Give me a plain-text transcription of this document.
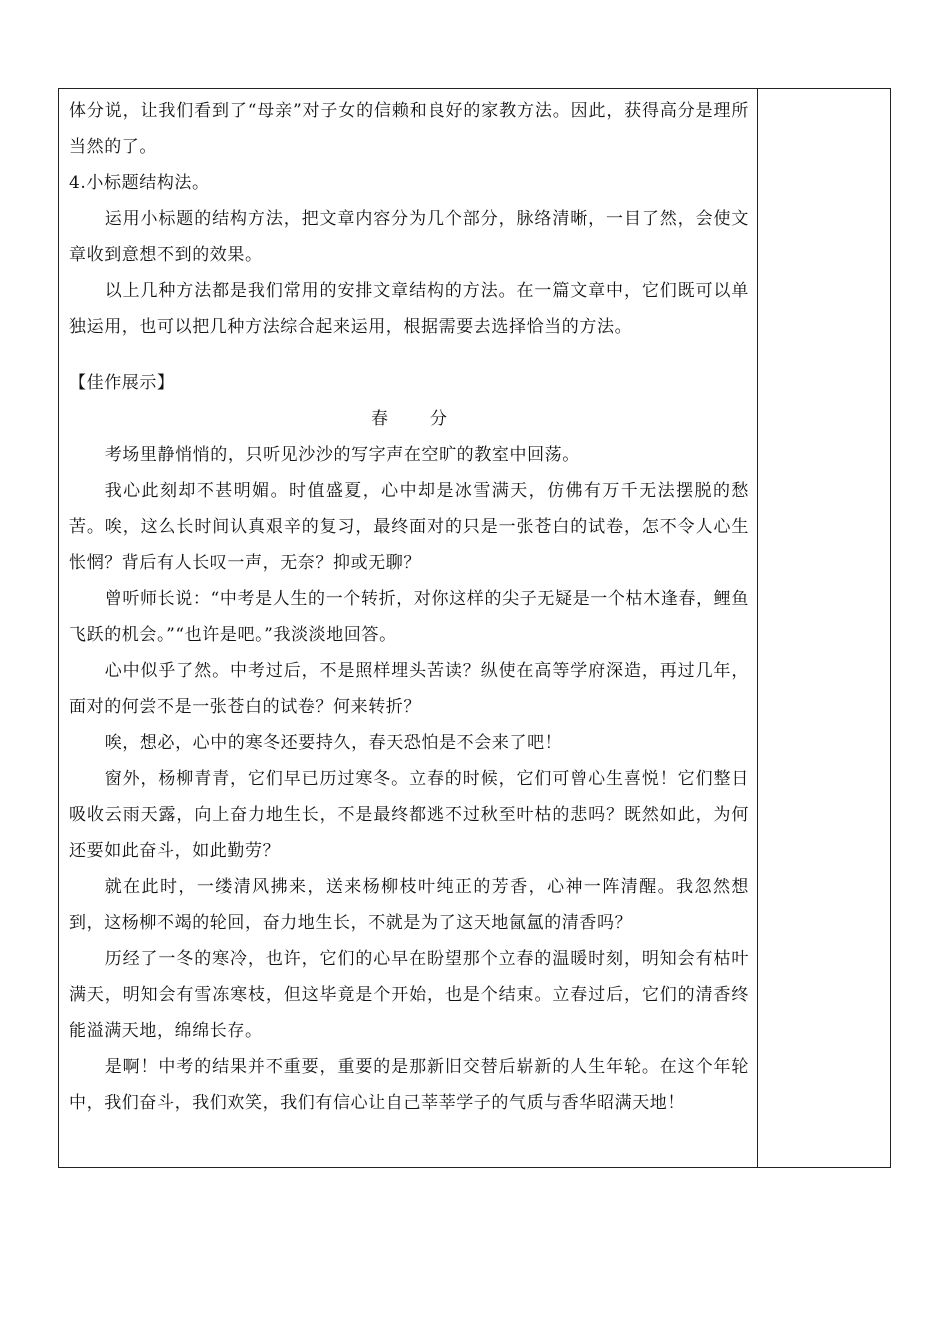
体分说，让我们看到了“母亲”对子女的信赖和良好的家教方法。因此，获得高分是理所当然的了。

4.小标题结构法。

运用小标题的结构方法，把文章内容分为几个部分，脉络清晰，一目了然，会使文章收到意想不到的效果。

以上几种方法都是我们常用的安排文章结构的方法。在一篇文章中，它们既可以单独运用，也可以把几种方法综合起来运用，根据需要去选择恰当的方法。

【佳作展示】

春分

考场里静悄悄的，只听见沙沙的写字声在空旷的教室中回荡。

我心此刻却不甚明媚。时值盛夏，心中却是冰雪满天，仿佛有万千无法摆脱的愁苦。唉，这么长时间认真艰辛的复习，最终面对的只是一张苍白的试卷，怎不令人心生怅惘？背后有人长叹一声，无奈？抑或无聊？

曾听师长说：“中考是人生的一个转折，对你这样的尖子无疑是一个枯木逢春，鲤鱼飞跃的机会。”“也许是吧。”我淡淡地回答。

心中似乎了然。中考过后，不是照样埋头苦读？纵使在高等学府深造，再过几年，面对的何尝不是一张苍白的试卷？何来转折？

唉，想必，心中的寒冬还要持久，春天恐怕是不会来了吧！

窗外，杨柳青青，它们早已历过寒冬。立春的时候，它们可曾心生喜悦！它们整日吸收云雨天露，向上奋力地生长，不是最终都逃不过秋至叶枯的悲吗？既然如此，为何还要如此奋斗，如此勤劳？

就在此时，一缕清风拂来，送来杨柳枝叶纯正的芳香，心神一阵清醒。我忽然想到，这杨柳不竭的轮回，奋力地生长，不就是为了这天地氤氲的清香吗？

历经了一冬的寒冷，也许，它们的心早在盼望那个立春的温暖时刻，明知会有枯叶满天，明知会有雪冻寒枝，但这毕竟是个开始，也是个结束。立春过后，它们的清香终能溢满天地，绵绵长存。

是啊！中考的结果并不重要，重要的是那新旧交替后崭新的人生年轮。在这个年轮中，我们奋斗，我们欢笑，我们有信心让自己莘莘学子的气质与香华昭满天地！
